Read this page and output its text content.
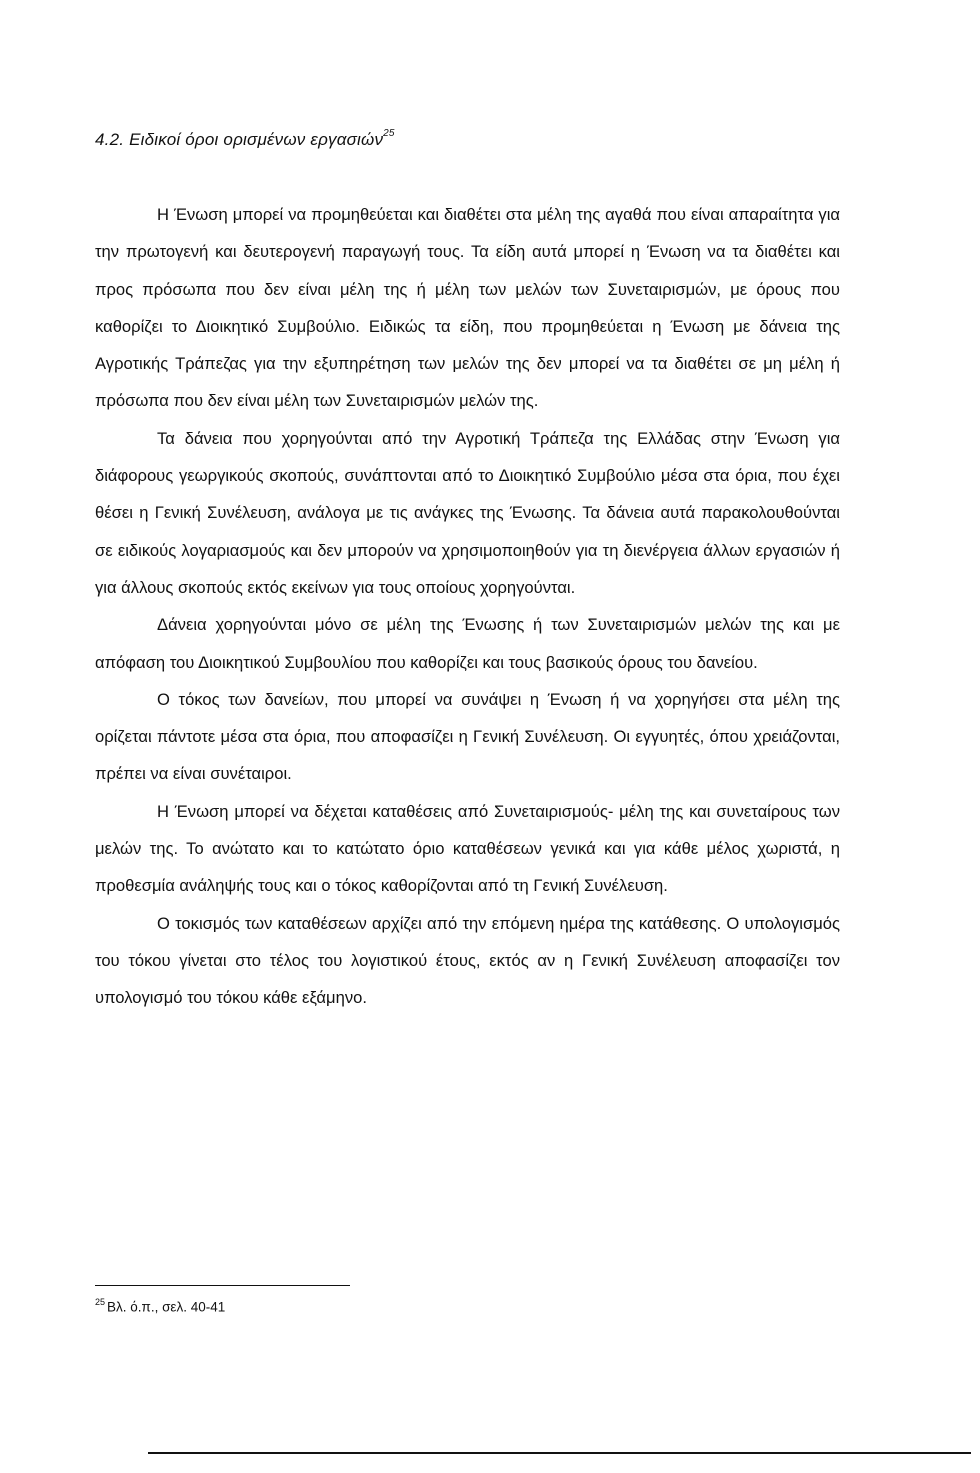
4.2. Ειδικοί όροι ορισμένων εργασιών$^{25}$

Η Ένωση μπορεί να προμηθεύεται και διαθέτει στα μέλη της αγαθά που είναι απαραίτητα για την πρωτογενή και δευτερογενή παραγωγή τους. Τα είδη αυτά μπορεί η Ένωση να τα διαθέτει και προς πρόσωπα που δεν είναι μέλη της ή μέλη των μελών των Συνεταιρισμών, με όρους που καθορίζει το Διοικητικό Συμβούλιο. Ειδικώς τα είδη, που προμηθεύεται η Ένωση με δάνεια της Αγροτικής Τράπεζας για την εξυπηρέτηση των μελών της δεν μπορεί να τα διαθέτει σε μη μέλη ή πρόσωπα που δεν είναι μέλη των Συνεταιρισμών μελών της.

Τα δάνεια που χορηγούνται από την Αγροτική Τράπεζα της Ελλάδας στην Ένωση για διάφορους γεωργικούς σκοπούς, συνάπτονται από το Διοικητικό Συμβούλιο μέσα στα όρια, που έχει θέσει η Γενική Συνέλευση, ανάλογα με τις ανάγκες της Ένωσης. Τα δάνεια αυτά παρακολουθούνται σε ειδικούς λογαριασμούς και δεν μπορούν να χρησιμοποιηθούν για τη διενέργεια άλλων εργασιών ή για άλλους σκοπούς εκτός εκείνων για τους οποίους χορηγούνται.

Δάνεια χορηγούνται μόνο σε μέλη της Ένωσης ή των Συνεταιρισμών μελών της και με απόφαση του Διοικητικού Συμβουλίου που καθορίζει και τους βασικούς όρους του δανείου.

Ο τόκος των δανείων, που μπορεί να συνάψει η Ένωση ή να χορηγήσει στα μέλη της ορίζεται πάντοτε μέσα στα όρια, που αποφασίζει η Γενική Συνέλευση. Οι εγγυητές, όπου χρειάζονται, πρέπει να είναι συνέταιροι.

Η Ένωση μπορεί να δέχεται καταθέσεις από Συνεταιρισμούς- μέλη της και συνεταίρους των μελών της. Το ανώτατο και το κατώτατο όριο καταθέσεων γενικά και για κάθε μέλος χωριστά, η προθεσμία ανάληψής τους και ο τόκος καθορίζονται από τη Γενική Συνέλευση.

Ο τοκισμός των καταθέσεων αρχίζει από την επόμενη ημέρα της κατάθεσης. Ο υπολογισμός του τόκου γίνεται στο τέλος του λογιστικού έτους, εκτός αν η Γενική Συνέλευση αποφασίζει τον υπολογισμό του τόκου κάθε εξάμηνο.

$^{25}$ Βλ. ό.π., σελ. 40-41
